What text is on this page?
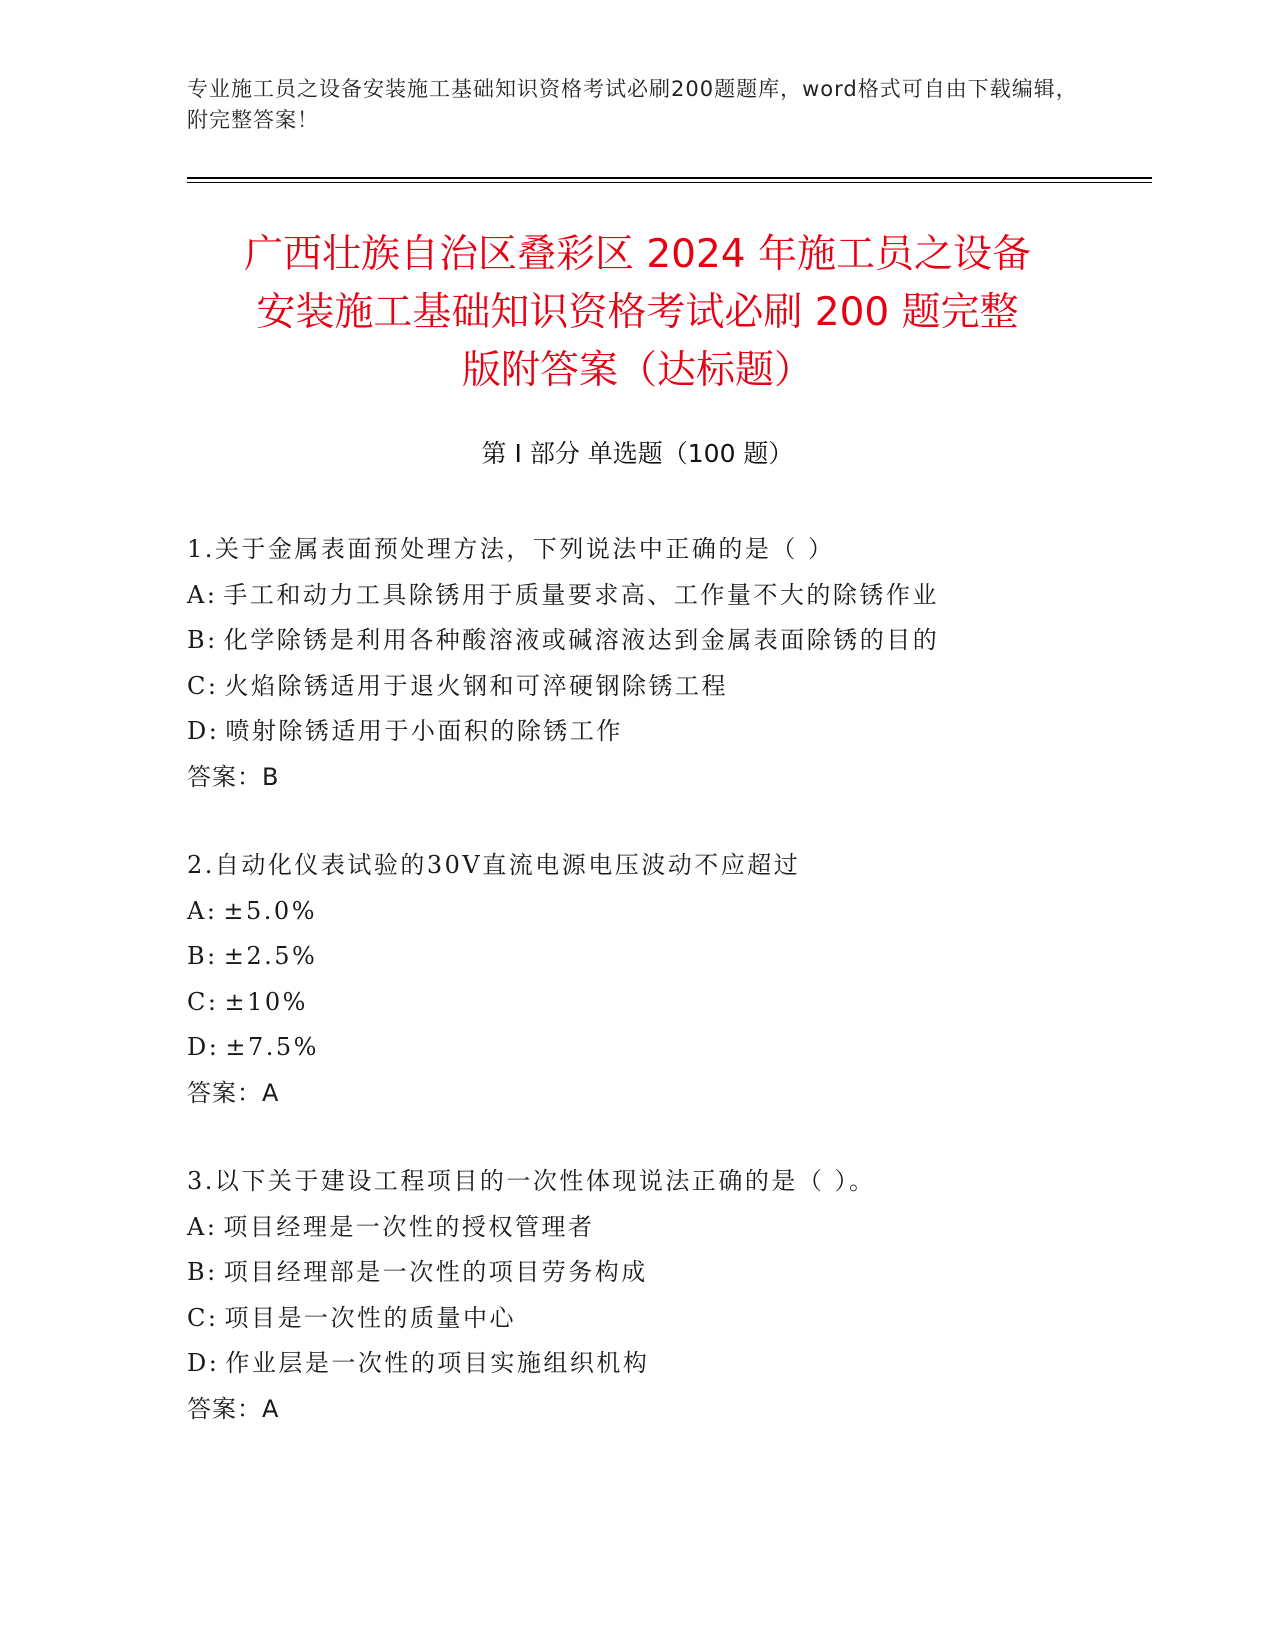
专业施工员之设备安装施工基础知识资格考试必刷200题题库，word格式可自由下载编辑，附完整答案！
广西壮族自治区叠彩区 2024 年施工员之设备
安装施工基础知识资格考试必刷 200 题完整
版附答案（达标题）
第 I 部分 单选题（100 题）
1.关于金属表面预处理方法，下列说法中正确的是（ ）
A: 手工和动力工具除锈用于质量要求高、工作量不大的除锈作业
B: 化学除锈是利用各种酸溶液或碱溶液达到金属表面除锈的目的
C: 火焰除锈适用于退火钢和可淬硬钢除锈工程
D: 喷射除锈适用于小面积的除锈工作
答案：B
2.自动化仪表试验的30V直流电源电压波动不应超过
A: ±5.0%
B: ±2.5%
C: ±10%
D: ±7.5%
答案：A
3.以下关于建设工程项目的一次性体现说法正确的是（ ）。
A: 项目经理是一次性的授权管理者
B: 项目经理部是一次性的项目劳务构成
C: 项目是一次性的质量中心
D: 作业层是一次性的项目实施组织机构
答案：A
